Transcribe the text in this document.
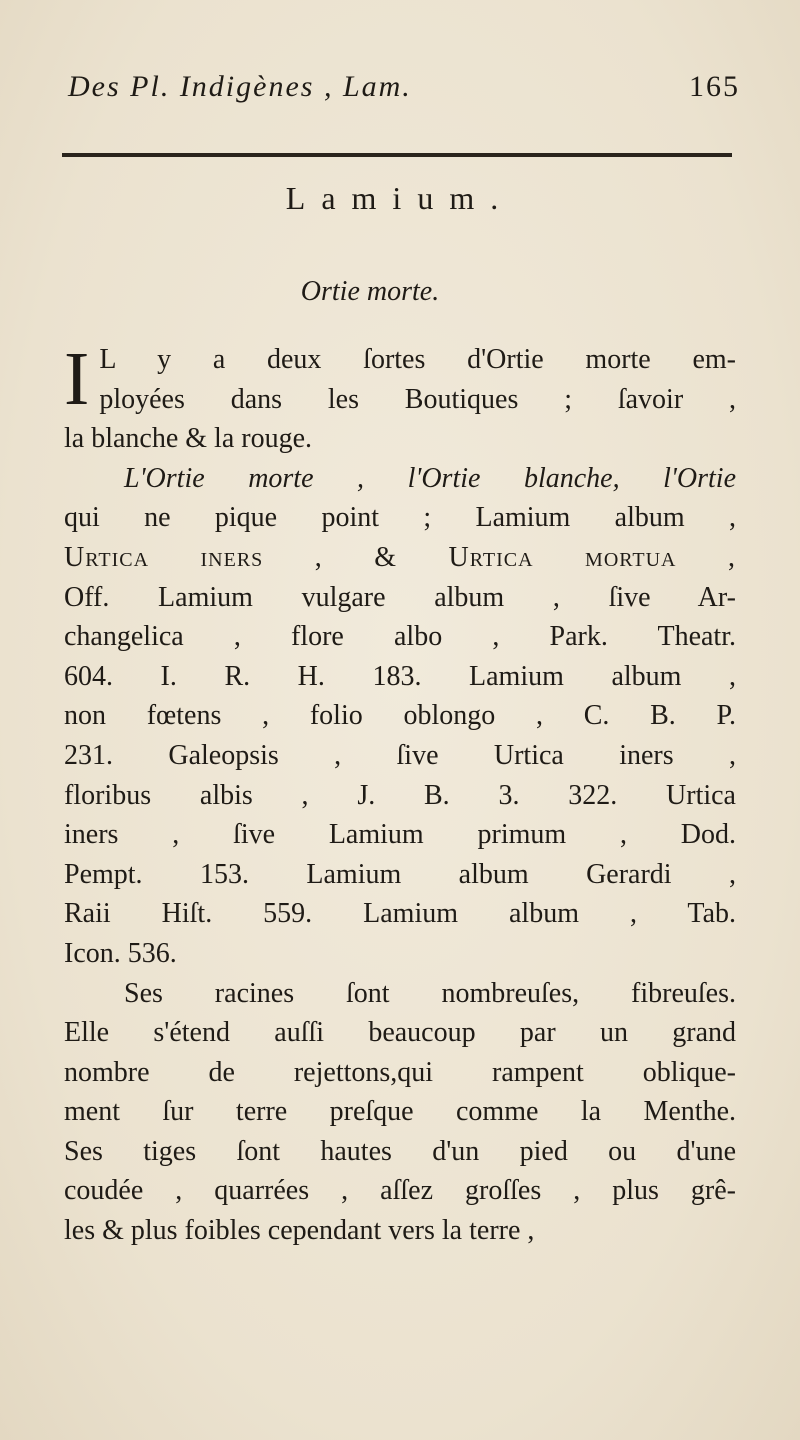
Des Pl. Indigènes , Lam.	165
Lamium.
Ortie morte.
I L y a deux ſortes d'Ortie morte em-
ployées dans les Boutiques ; ſavoir ,
la blanche & la rouge.
L'Ortie morte , l'Ortie blanche, l'Ortie
qui ne pique point ; Lamium album ,
Urtica iners , & Urtica mortua ,
Off. Lamium vulgare album , ſive Ar-
changelica , flore albo , Park. Theatr.
604. I. R. H. 183. Lamium album ,
non fœtens , folio oblongo , C. B. P.
231. Galeopsis , ſive Urtica iners ,
floribus albis , J. B. 3. 322. Urtica
iners , ſive Lamium primum , Dod.
Pempt. 153. Lamium album Gerardi ,
Raii Hiſt. 559. Lamium album , Tab.
Icon. 536.
Ses racines ſont nombreuſes, fibreuſes.
Elle s'étend auſſi beaucoup par un grand
nombre de rejettons,qui rampent oblique-
ment ſur terre preſque comme la Menthe.
Ses tiges ſont hautes d'un pied ou d'une
coudée , quarrées , aſſez groſſes , plus grê-
les & plus foibles cependant vers la terre ,
